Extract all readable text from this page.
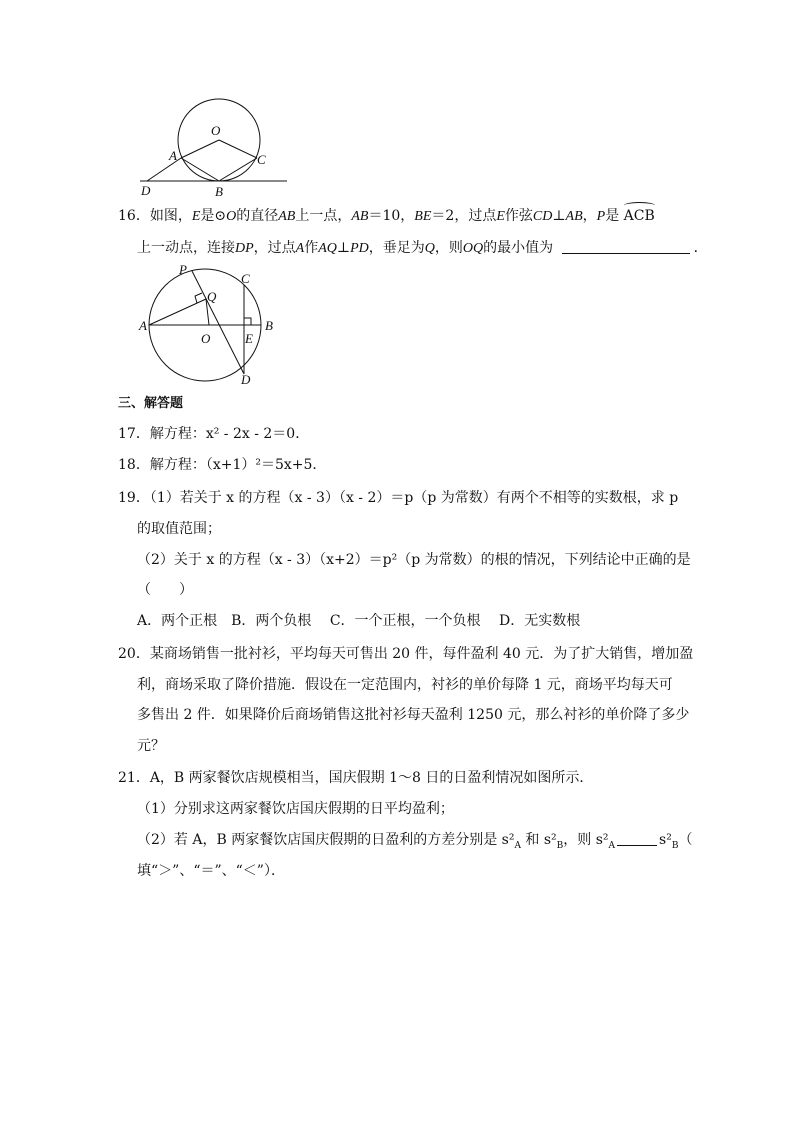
O
A	C
D	B
16．如图，E是⊙O的直径AB上一点，AB＝10，BE＝2，过点E作弦CD⊥AB，P是 ACB
上一动点，连接DP，过点A作AQ⊥PD，垂足为Q，则OQ的最小值为	．
P
C
Q
A	B
O	E
D
三、解答题
17．解方程：x² - 2x - 2＝0．
18．解方程：（x+1）²＝5x+5．
19．（1）若关于 x 的方程（x - 3）（x - 2）＝p（p 为常数）有两个不相等的实数根，求 p
的取值范围；
（2）关于 x 的方程（x - 3）（x+2）＝p²（p 为常数）的根的情况，下列结论中正确的是
（　　）
A．两个正根　B．两个负根　 C．一个正根，一个负根　 D．无实数根
20．某商场销售一批衬衫，平均每天可售出 20 件，每件盈利 40 元．为了扩大销售，增加盈
利，商场采取了降价措施．假设在一定范围内，衬衫的单价每降 1 元，商场平均每天可
多售出 2 件．如果降价后商场销售这批衬衫每天盈利 1250 元，那么衬衫的单价降了多少
元？
21．A，B 两家餐饮店规模相当，国庆假期 1～8 日的日盈利情况如图所示．
（1）分别求这两家餐饮店国庆假期的日平均盈利；
（2）若 A，B 两家餐饮店国庆假期的日盈利的方差分别是 $s^2_A$ 和 $s^2_B$，则 $s^2_A$	$s^2_B$（
填“＞”、“＝”、“＜”）．
